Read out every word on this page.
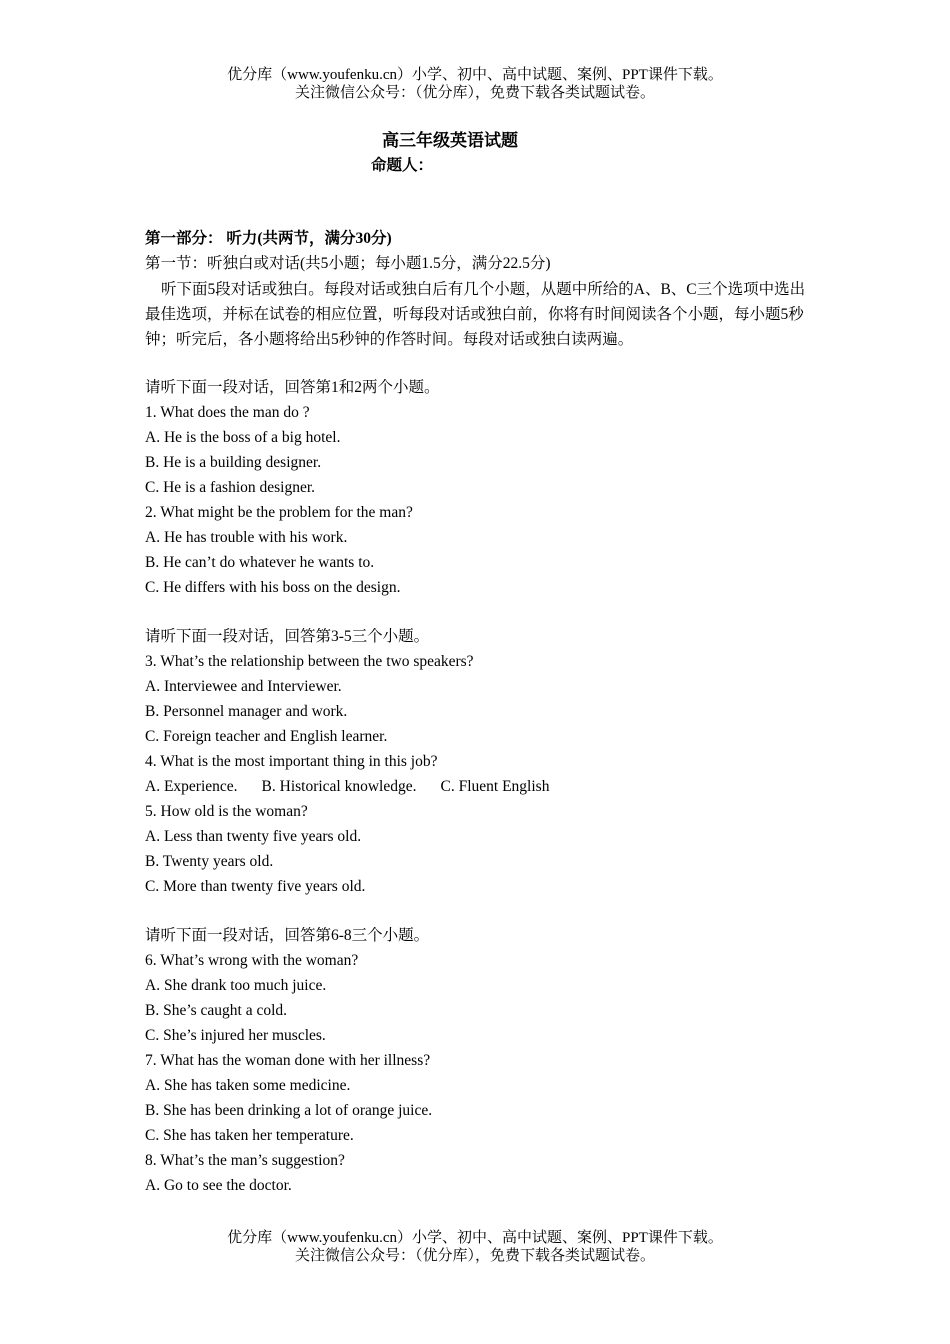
优分库（www.youfenku.cn）小学、初中、高中试题、案例、PPT课件下载。
关注微信公众号：（优分库），免费下载各类试题试卷。
高三年级英语试题
命题人：
第一部分： 听力(共两节，满分30分)
第一节：听独白或对话(共5小题；每小题1.5分，满分22.5分)
听下面5段对话或独白。每段对话或独白后有几个小题，从题中所给的A、B、C三个选项中选出最佳选项，并标在试卷的相应位置，听每段对话或独白前，你将有时间阅读各个小题，每小题5秒钟；听完后，各小题将给出5秒钟的作答时间。每段对话或独白读两遍。
请听下面一段对话，回答第1和2两个小题。
1. What does the man do ?
A. He is the boss of a big hotel.
B. He is a building designer.
C. He is a fashion designer.
2. What might be the problem for the man?
A. He has trouble with his work.
B. He can’t do whatever he wants to.
C. He differs with his boss on the design.
请听下面一段对话，回答第3-5三个小题。
3. What’s the relationship between the two speakers?
A. Interviewee and Interviewer.
B. Personnel manager and work.
C. Foreign teacher and English learner.
4. What is the most important thing in this job?
A. Experience. B. Historical knowledge. C. Fluent English
5. How old is the woman?
A. Less than twenty five years old.
B. Twenty years old.
C. More than twenty five years old.
请听下面一段对话，回答第6-8三个小题。
6. What’s wrong with the woman?
A. She drank too much juice.
B. She’s caught a cold.
C. She’s injured her muscles.
7. What has the woman done with her illness?
A. She has taken some medicine.
B. She has been drinking a lot of orange juice.
C. She has taken her temperature.
8. What’s the man’s suggestion?
A. Go to see the doctor.
优分库（www.youfenku.cn）小学、初中、高中试题、案例、PPT课件下载。
关注微信公众号：（优分库），免费下载各类试题试卷。
